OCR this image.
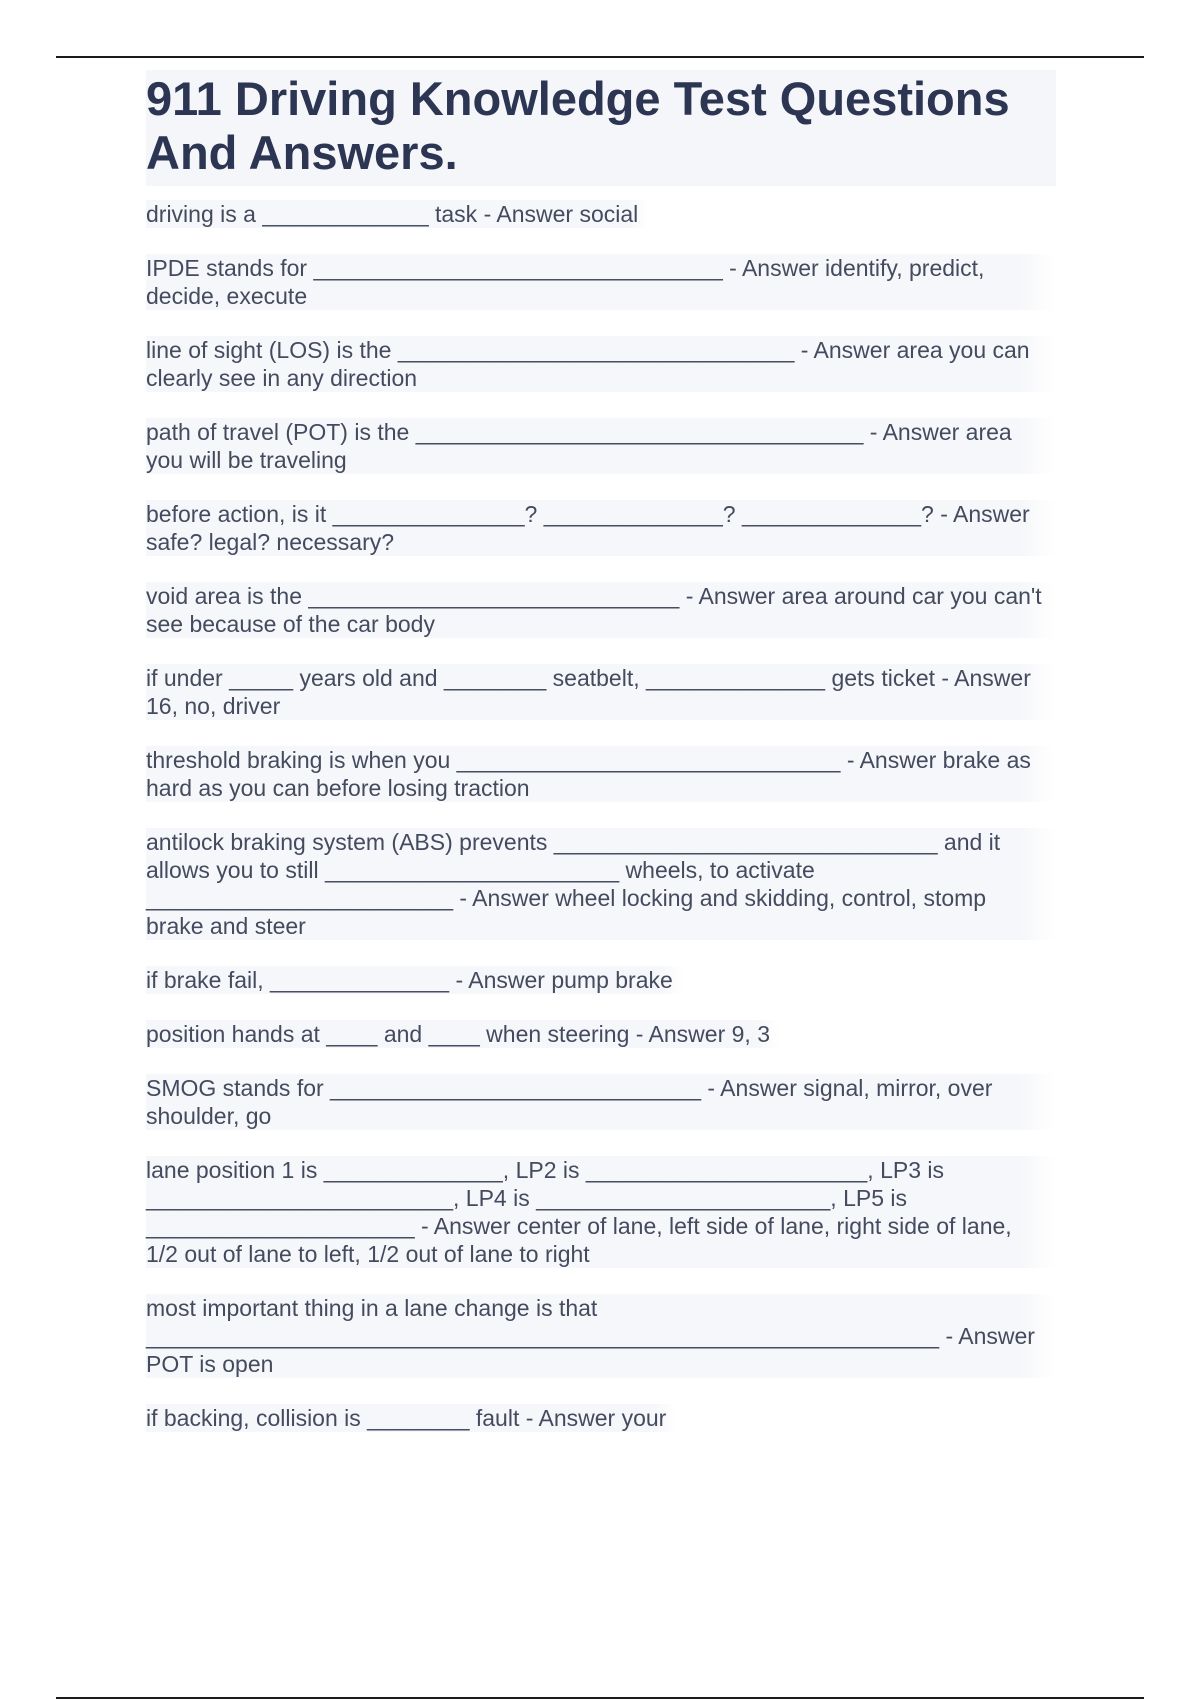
911 Driving Knowledge Test Questions And Answers.
driving is a _____________ task - Answer social
IPDE stands for ________________________________ - Answer identify, predict, decide, execute
line of sight (LOS) is the _______________________________ - Answer area you can clearly see in any direction
path of travel (POT) is the ___________________________________ - Answer area you will be traveling
before action, is it _______________? ______________? ______________? - Answer safe? legal? necessary?
void area is the _____________________________ - Answer area around car you can't see because of the car body
if under _____ years old and ________ seatbelt, ______________ gets ticket - Answer 16, no, driver
threshold braking is when you ______________________________ - Answer brake as hard as you can before losing traction
antilock braking system (ABS) prevents ______________________________ and it allows you to still _______________________ wheels, to activate ________________________ - Answer wheel locking and skidding, control, stomp brake and steer
if brake fail, ______________ - Answer pump brake
position hands at ____ and ____ when steering - Answer 9, 3
SMOG stands for _____________________________ - Answer signal, mirror, over shoulder, go
lane position 1 is ______________, LP2 is ______________________, LP3 is ________________________, LP4 is _______________________, LP5 is _____________________ - Answer center of lane, left side of lane, right side of lane, 1/2 out of lane to left, 1/2 out of lane to right
most important thing in a lane change is that ______________________________________________________________ - Answer POT is open
if backing, collision is ________ fault - Answer your
